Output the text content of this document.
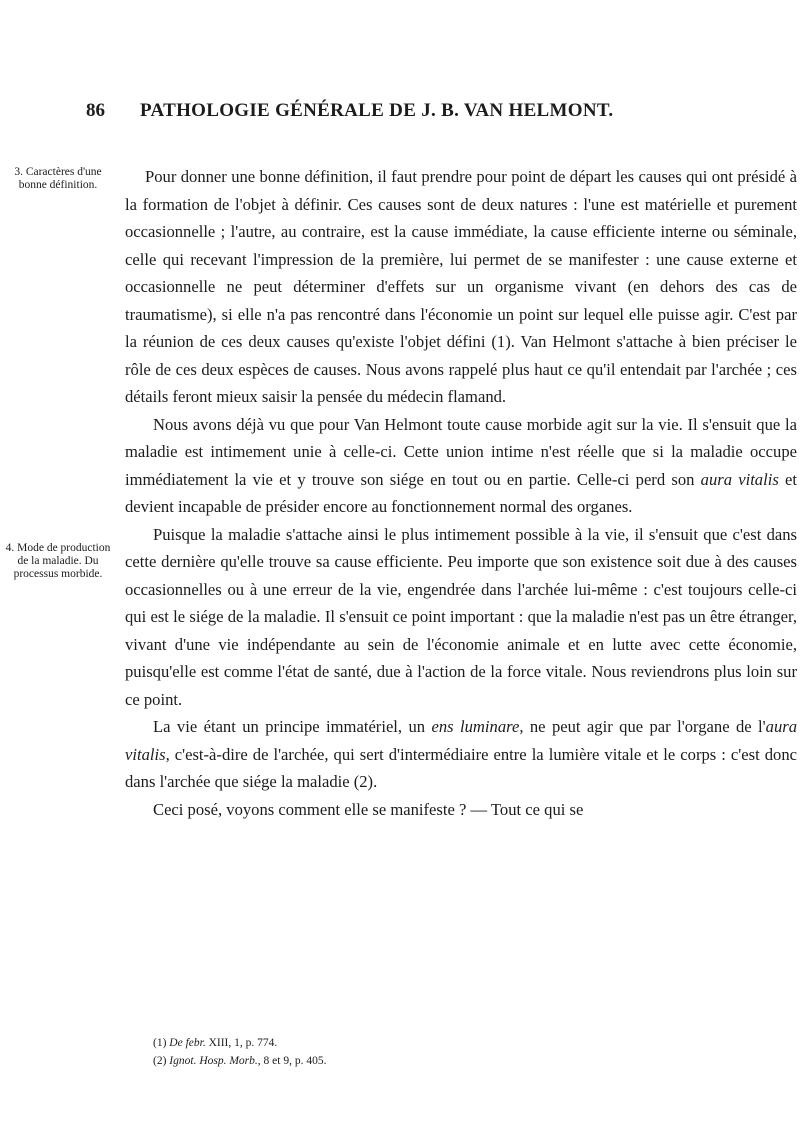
86 PATHOLOGIE GÉNÉRALE DE J. B. VAN HELMONT.
3. Caractères d'une bonne définition.
4. Mode de production de la maladie. Du processus morbide.

Pour donner une bonne définition, il faut prendre pour point de départ les causes qui ont présidé à la formation de l'objet à définir. Ces causes sont de deux natures : l'une est matérielle et purement occasionnelle ; l'autre, au contraire, est la cause immédiate, la cause efficiente interne ou séminale, celle qui recevant l'impression de la première, lui permet de se manifester : une cause externe et occasionnelle ne peut déterminer d'effets sur un organisme vivant (en dehors des cas de traumatisme), si elle n'a pas rencontré dans l'économie un point sur lequel elle puisse agir. C'est par la réunion de ces deux causes qu'existe l'objet défini (1). Van Helmont s'attache à bien préciser le rôle de ces deux espèces de causes. Nous avons rappelé plus haut ce qu'il entendait par l'archée ; ces détails feront mieux saisir la pensée du médecin flamand.

Nous avons déjà vu que pour Van Helmont toute cause morbide agit sur la vie. Il s'ensuit que la maladie est intimement unie à celle-ci. Cette union intime n'est réelle que si la maladie occupe immédiatement la vie et y trouve son siége en tout ou en partie. Celle-ci perd son aura vitalis et devient incapable de présider encore au fonctionnement normal des organes.

Puisque la maladie s'attache ainsi le plus intimement possible à la vie, il s'ensuit que c'est dans cette dernière qu'elle trouve sa cause efficiente. Peu importe que son existence soit due à des causes occasionnelles ou à une erreur de la vie, engendrée dans l'archée lui-même : c'est toujours celle-ci qui est le siége de la maladie. Il s'ensuit ce point important : que la maladie n'est pas un être étranger, vivant d'une vie indépendante au sein de l'économie animale et en lutte avec cette économie, puisqu'elle est comme l'état de santé, due à l'action de la force vitale. Nous reviendrons plus loin sur ce point.

La vie étant un principe immatériel, un ens luminare, ne peut agir que par l'organe de l'aura vitalis, c'est-à-dire de l'archée, qui sert d'intermédiaire entre la lumière vitale et le corps : c'est donc dans l'archée que siége la maladie (2).

Ceci posé, voyons comment elle se manifeste ? — Tout ce qui se

(1) De febr. XIII, 1, p. 774.
(2) Ignot. Hosp. Morb., 8 et 9, p. 405.
